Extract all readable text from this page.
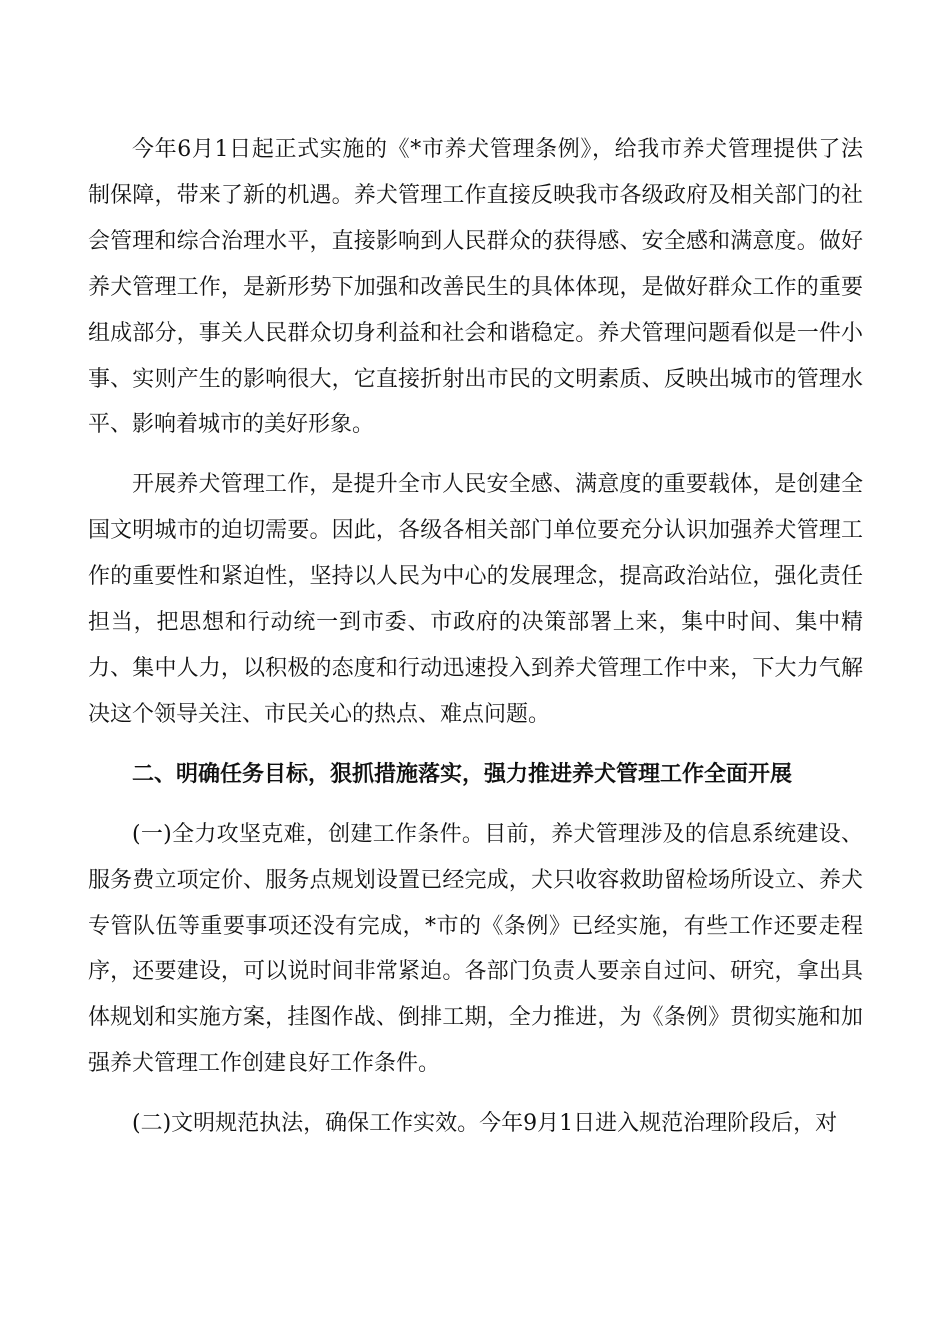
今年6月1日起正式实施的《*市养犬管理条例》，给我市养犬管理提供了法制保障，带来了新的机遇。养犬管理工作直接反映我市各级政府及相关部门的社会管理和综合治理水平，直接影响到人民群众的获得感、安全感和满意度。做好养犬管理工作，是新形势下加强和改善民生的具体体现，是做好群众工作的重要组成部分，事关人民群众切身利益和社会和谐稳定。养犬管理问题看似是一件小事、实则产生的影响很大，它直接折射出市民的文明素质、反映出城市的管理水平、影响着城市的美好形象。

开展养犬管理工作，是提升全市人民安全感、满意度的重要载体，是创建全国文明城市的迫切需要。因此，各级各相关部门单位要充分认识加强养犬管理工作的重要性和紧迫性，坚持以人民为中心的发展理念，提高政治站位，强化责任担当，把思想和行动统一到市委、市政府的决策部署上来，集中时间、集中精力、集中人力，以积极的态度和行动迅速投入到养犬管理工作中来，下大力气解决这个领导关注、市民关心的热点、难点问题。

二、明确任务目标，狠抓措施落实，强力推进养犬管理工作全面开展

(一)全力攻坚克难，创建工作条件。目前，养犬管理涉及的信息系统建设、服务费立项定价、服务点规划设置已经完成，犬只收容救助留检场所设立、养犬专管队伍等重要事项还没有完成，*市的《条例》已经实施，有些工作还要走程序，还要建设，可以说时间非常紧迫。各部门负责人要亲自过问、研究，拿出具体规划和实施方案，挂图作战、倒排工期，全力推进，为《条例》贯彻实施和加强养犬管理工作创建良好工作条件。

(二)文明规范执法，确保工作实效。今年9月1日进入规范治理阶段后，对
